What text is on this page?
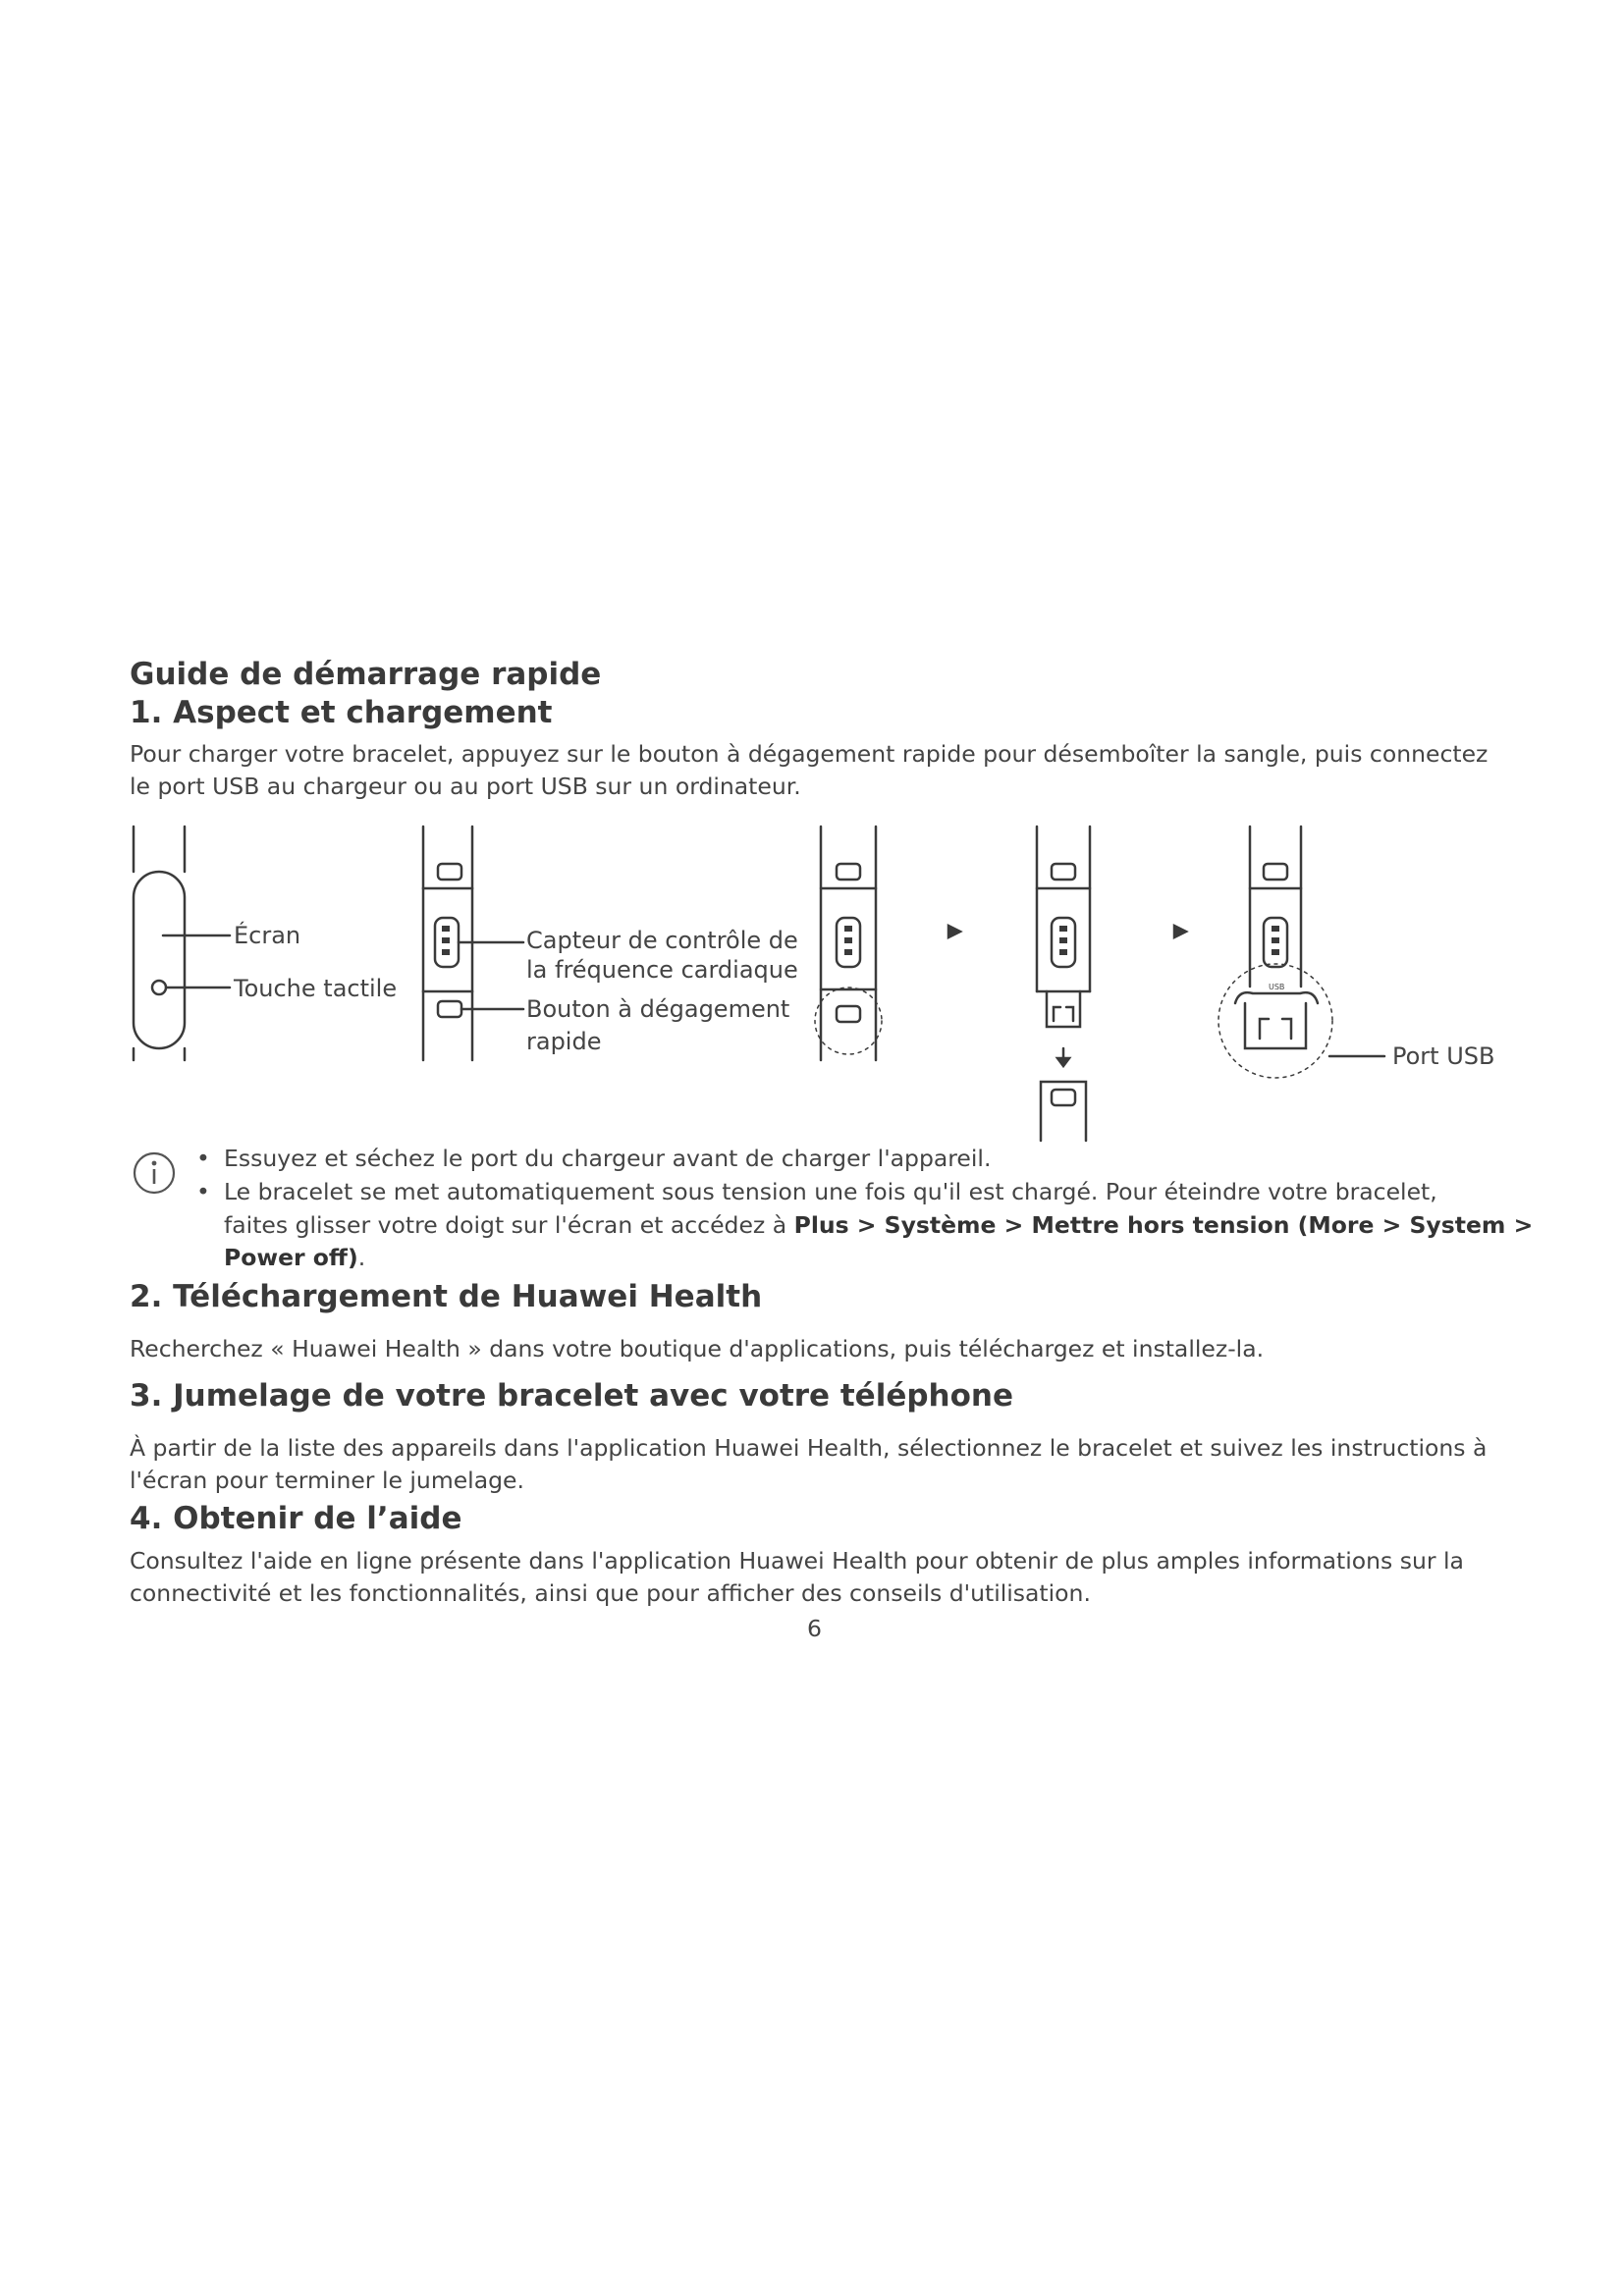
Guide de démarrage rapide
1. Aspect et chargement
Pour charger votre bracelet, appuyez sur le bouton à dégagement rapide pour désemboîter la sangle, puis connectez le port USB au chargeur ou au port USB sur un ordinateur.
Écran
Touche tactile
Capteur de contrôle de
la fréquence cardiaque
Bouton à dégagement
rapide
USB
Port USB
• Essuyez et séchez le port du chargeur avant de charger l'appareil.
• Le bracelet se met automatiquement sous tension une fois qu'il est chargé. Pour éteindre votre bracelet,
faites glisser votre doigt sur l'écran et accédez à Plus > Système > Mettre hors tension (More > System >
Power off).
2. Téléchargement de Huawei Health
Recherchez « Huawei Health » dans votre boutique d'applications, puis téléchargez et installez-la.
3. Jumelage de votre bracelet avec votre téléphone
À partir de la liste des appareils dans l'application Huawei Health, sélectionnez le bracelet et suivez les instructions à l'écran pour terminer le jumelage.
4. Obtenir de l’aide
Consultez l'aide en ligne présente dans l'application Huawei Health pour obtenir de plus amples informations sur la connectivité et les fonctionnalités, ainsi que pour afficher des conseils d'utilisation.
6
